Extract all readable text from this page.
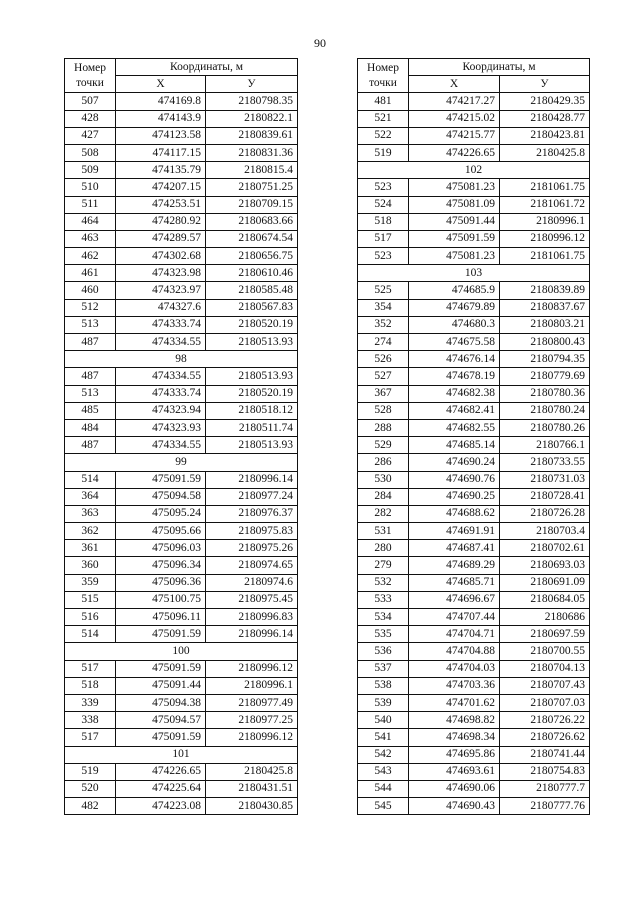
90
Номер
точки	Координаты, м	
	Х	У
507	474169.8	2180798.35
428	474143.9	2180822.1
427	474123.58	2180839.61
508	474117.15	2180831.36
509	474135.79	2180815.4
510	474207.15	2180751.25
511	474253.51	2180709.15
464	474280.92	2180683.66
463	474289.57	2180674.54
462	474302.68	2180656.75
461	474323.98	2180610.46
460	474323.97	2180585.48
512	474327.6	2180567.83
513	474333.74	2180520.19
487	474334.55	2180513.93
98		
487	474334.55	2180513.93
513	474333.74	2180520.19
485	474323.94	2180518.12
484	474323.93	2180511.74
487	474334.55	2180513.93
99		
514	475091.59	2180996.14
364	475094.58	2180977.24
363	475095.24	2180976.37
362	475095.66	2180975.83
361	475096.03	2180975.26
360	475096.34	2180974.65
359	475096.36	2180974.6
515	475100.75	2180975.45
516	475096.11	2180996.83
514	475091.59	2180996.14
100		
517	475091.59	2180996.12
518	475091.44	2180996.1
339	475094.38	2180977.49
338	475094.57	2180977.25
517	475091.59	2180996.12
101		
519	474226.65	2180425.8
520	474225.64	2180431.51
482	474223.08	2180430.85
Номер
точки	Координаты, м	
	Х	У
481	474217.27	2180429.35
521	474215.02	2180428.77
522	474215.77	2180423.81
519	474226.65	2180425.8
102		
523	475081.23	2181061.75
524	475081.09	2181061.72
518	475091.44	2180996.1
517	475091.59	2180996.12
523	475081.23	2181061.75
103		
525	474685.9	2180839.89
354	474679.89	2180837.67
352	474680.3	2180803.21
274	474675.58	2180800.43
526	474676.14	2180794.35
527	474678.19	2180779.69
367	474682.38	2180780.36
528	474682.41	2180780.24
288	474682.55	2180780.26
529	474685.14	2180766.1
286	474690.24	2180733.55
530	474690.76	2180731.03
284	474690.25	2180728.41
282	474688.62	2180726.28
531	474691.91	2180703.4
280	474687.41	2180702.61
279	474689.29	2180693.03
532	474685.71	2180691.09
533	474696.67	2180684.05
534	474707.44	2180686
535	474704.71	2180697.59
536	474704.88	2180700.55
537	474704.03	2180704.13
538	474703.36	2180707.43
539	474701.62	2180707.03
540	474698.82	2180726.22
541	474698.34	2180726.62
542	474695.86	2180741.44
543	474693.61	2180754.83
544	474690.06	2180777.7
545	474690.43	2180777.76
